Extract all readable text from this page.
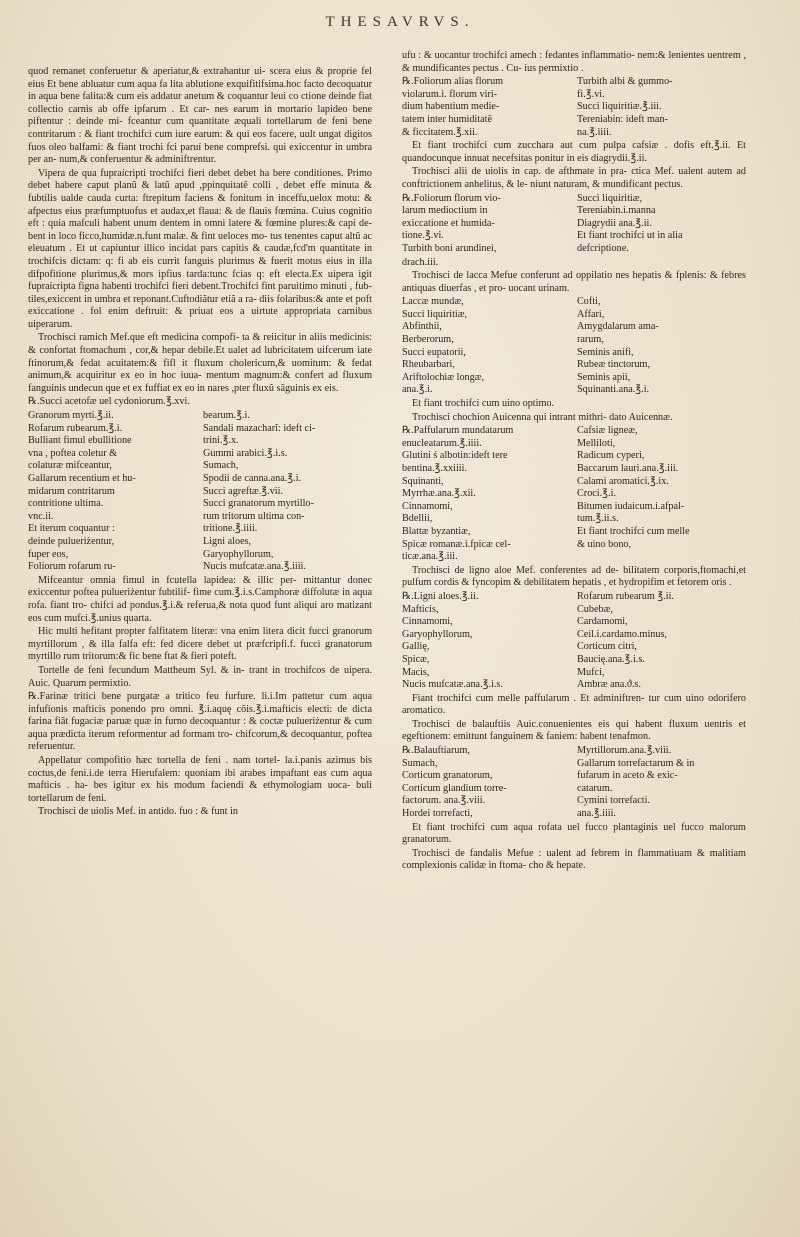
THESAVRVS.

quod remanet conferuetur & aperiatur,& extrahantur ui- scera eius & proprie fel eius Et bene abluatur cum aqua fa lita ablutione exquifitifsima.hoc facto decoquatur in aqua bene falita:& cum eis addatur anetum & coquantur leui co ctione deinde fiat collectio carnis ab offe ipfarum . Et car- nes earum in mortario lapideo bene piftentur : deinde mi- fceantur cum quantitate æquali tortellarum de feni bene contritarum : & fiant trochifci cum iure earum: & qui eos facere, uult ungat digitos fuos oleo balfami: & fiant trochi fci paruí bene comprefsi. qui exiccentur in umbra per an- num,& conferuentur & adminiftrentur.

Vipera de qua fupraícripti trochifci fieri debet debet ha bere conditiones. Primo debet habere caput planũ & latũ apud ,ppinquitatẽ colli , debet effe minuta & fubtilis ualde cauda curta: ftrepitum faciens & fonitum in inceffu,uelox motu: & afpectus eius præfumptuofus et audax,et flaua: & de flauis fœmina. Cuius cognitio eft : quia mafculi habent unum dentem in omni latere & fœmine plures:& capi de- bent in loco ficco,humidæ.n.funt malæ. & fint ueloces mo- tus tenentes caput altũ ac eleuatum . Et ut capiuntur illico incidat pars capitis & caudæ,fcd'm quantitate in trochifcis dictam: q: fi ab eis currit fanguis plurimus & fuerit motus eius in illa difpofitione plurimus,& mors ipfius tarda:tunc fcias q: eft electa.Ex uipera igit fupraícripta figna habenti trochifci fieri debent.Trochifci fint paruitimo minuti , fub- tiles,exiccent in umbra et reponant.Cuftodiãtur etiã a ra- diis folaribus:& ante et poft exiccatione . fol enim deftruit: & priuat eos a uirtute appropriata carnibus uiperarum.

Trochisci ramich Mef.que eft medicina compofi- ta & reiicitur in aliis medicinis: & confortat ftomachum , cor,& hepar debile.Et ualet ad lubricitatem uifcerum iate ftinorum,& fedat acuitatem:& fifl it fluxum cholericum,& uomitum: & fedat animum,& acquiritur ex eo in hoc iuua- mentum magnum:& confert ad fluxum fanguinis undecun que et ex fuffiat ex eo in nares ,pter fluxũ sãguinis ex eis.

℞.Succi acetofæ uel cydoniorum.℥.xvi.

Granorum myrti.℥.ii.	bearum.℥.i.
Rofarum rubearum.℥.i.	Sandali mazacharĩ: ideft ci-
Bulliant fimul ebullitione	trini.℥.x.
vna , poftea coletur &	Gummi arabici.℥.i.s.
colaturæ mifceantur,	Sumach,
Gallarum recentium et hu-	Spodii de canna.ana.℥.i.
midarum contritarum	Succi agreftæ.℥.vii.
contritione ultima.	Succi granatorum myrtillo-
vnc.ii.	rum tritorum ultima con-
Et iterum coquantur :	tritione.℥.iiii.
deinde pulueriżentur,	Ligni aloes,
fuper eos,	Garyophyllorum,
Foliorum rofarum ru-	Nucis mufcatæ.ana.℥.iiii.

Mifceantur omnia fimul in fcutella lapidea: & illic per- mittantur donec exiccentur poftea pulueriżentur fubtilif- fime cum.℥.i.s.Camphoræ diffolutæ in aqua rofa. fiant tro- chifci ad pondus.℥.i.& referua,& nota quod funt aliqui aro matizant eos cum mufci.℥.unius quarta.

Hic multi hefitant propter falfitatem literæ: vna enim litera dicit fucci granorum myrtillorum , & illa falfa eft: fed dicere debet ut præfcripfi.f. fucci granatorum myrtillo rum tritorum:& fic bene ftat & fieri poteft.

Tortelle de feni fecundum Mattheum Syl. & in- trant in trochifcos de uipera. Auic. Quarum permixtio.

℞.Farinæ tritici bene purgatæ a tritico feu furfure. li.i.Im pattetur cum aqua infufionis mafticis ponendo pro omni. ℥.i.aquę cõis.℥.i.mafticis electi: de dicta farina fiãt fugaciæ paruæ quæ in furno decoquantur : & coctæ pulueriżentur & cum aqua prædicta iterum reformentur ad formam tro- chifcorum,& decoquantur, poftea referuentur.

Appellatur compofitio hæc tortella de feni . nam tortel- la.i.panis azimus bis coctus,de feni.i.de terra Hierufalem: quoniam ibi arabes impaftant eas cum aqua mafticis . ha- bes igitur ex his modum faciendi & ethymologiam uoca- buli tortellarum de feni.

Trochisci de uiolis Mef. in antido. fuo : & funt in

ufu : & uocantur trochifci amech : fedantes inflammatio- nem:& lenientes uentrem , & mundificantes pectus . Cu- ius permixtio .

℞.Foliorum alias florum	Turbith albi & gummo-
violarum.i. florum viri-	fi.℥.vi.
dium habentium medie-	Succi liquiritiæ.℥.iii.
tatem inter humiditatẽ	Tereniabin: ideft man-
& ficcitatem.℥.xii.	na.℥.iiii.

Et fiant trochifci cum zucchara aut cum pulpa cafsiæ . dofis eft.℥.ii. Et quandocunque innuat necefsitas ponitur in eis diagrydii.℥.ii.

Trochisci alii de uiolis in cap. de afthmate in pra- ctica Mef. ualent autem ad conftrictionem anhelitus, & le- niunt naturam, & mundificant pectus.

℞.Foliorum florum vio-	Succi liquiritiæ,
larum medioctium in	Tereniabin.i.manna
exiccatione et humida-	Diagrydii ana.℥.ii.
tione.℥.vi.	Et fiant trochifci ut in alia
Turbith boni arundinei,	defcriptione.

drach.iii.

Trochisci de lacca Mefue conferunt ad oppilatio nes hepatis & fplenis: & febres antiquas diuerfas , et pro- uocant urinam.

Laccæ mundæ,	Cofti,
Succi liquiritiæ,	Affari,
Abfinthii,	Amygdalarum ama-
Berberorum,	rarum,
Succi eupatorii,	Seminis anifi,
Rheubarbari,	Rubeæ tinctorum,
Ariftolochiæ longæ,	Seminis apii,
ana.℥.i.	Squinanti.ana.℥.i.

Et fiant trochifci cum uino optimo.

Trochisci chochion Auicenna qui intrant mithri- dato Auicennæ.

℞.Paffularum mundatarum	Cafsiæ ligneæ,
enucleatarum.℥.iiii.	Melliloti,
Glutini ś albotin:ideft tere	Radicum cyperi,
bentina.℥.xxiiii.	Baccarum lauri.ana.℥.iii.
Squinanti,	Calami aromatici.℥.ix.
Myrrhæ.ana.℥.xii.	Croci.℥.i.
Cinnamomi,	Bitumen iudaicum.i.afpal-
Bdellii,	tum.℥.ii.s.
Blattæ byzantiæ,	Et fiant trochifci cum melle
Spicæ romanæ.i.fpicæ cel-	& uino bono,
ticæ.ana.℥.iii.

Trochisci de ligno aloe Mef. conferentes ad de- bilitatem corporis,ftomachi,et pulfum cordis & fyncopim & debilitatem hepatis , et hydropifim et fetorem oris .

℞.Ligni aloes.℥.ii.	Rofarum rubearum ℥.ii.
Mafticis,	Cubebæ,
Cinnamomi,	Cardamomi,
Garyophyllorum,	Ceil.i.cardamo.minus,
Gallię,	Corticum citri,
Spicæ,	Baucię.ana.℥.i.s.
Macis,	Mufci,
Nucis mufcatæ.ana.℥.i.s.	Ambræ ana.ϑ.s.

Fiant trochifci cum melle paffularum . Et adminiftren- tur cum uino odorifero aromatico.

Trochisci de balauftiis Auic.conuenientes eis qui habent fluxum uentris et egeftionem: emittunt fanguinem & faniem: habent tenafmon.

℞.Balauftiarum,	Myrtillorum.ana.℥.viii.
Sumach,	Gallarum torrefactarum & in
Corticum granatorum,	fufarum in aceto & exic-
Corticum glandium torre-	catarum.
factorum. ana.℥.viii.	Cymini torrefacti.
Hordei torrefacti,	ana.℥.iiii.

Et fiant trochifci cum aqua rofata uel fucco plantaginis uel fucco malorum granatorum.

Trochisci de fandalis Mefue : ualent ad febrem in flammatiuam & malitiam complexionis calidæ in ftoma- cho & hepate.
